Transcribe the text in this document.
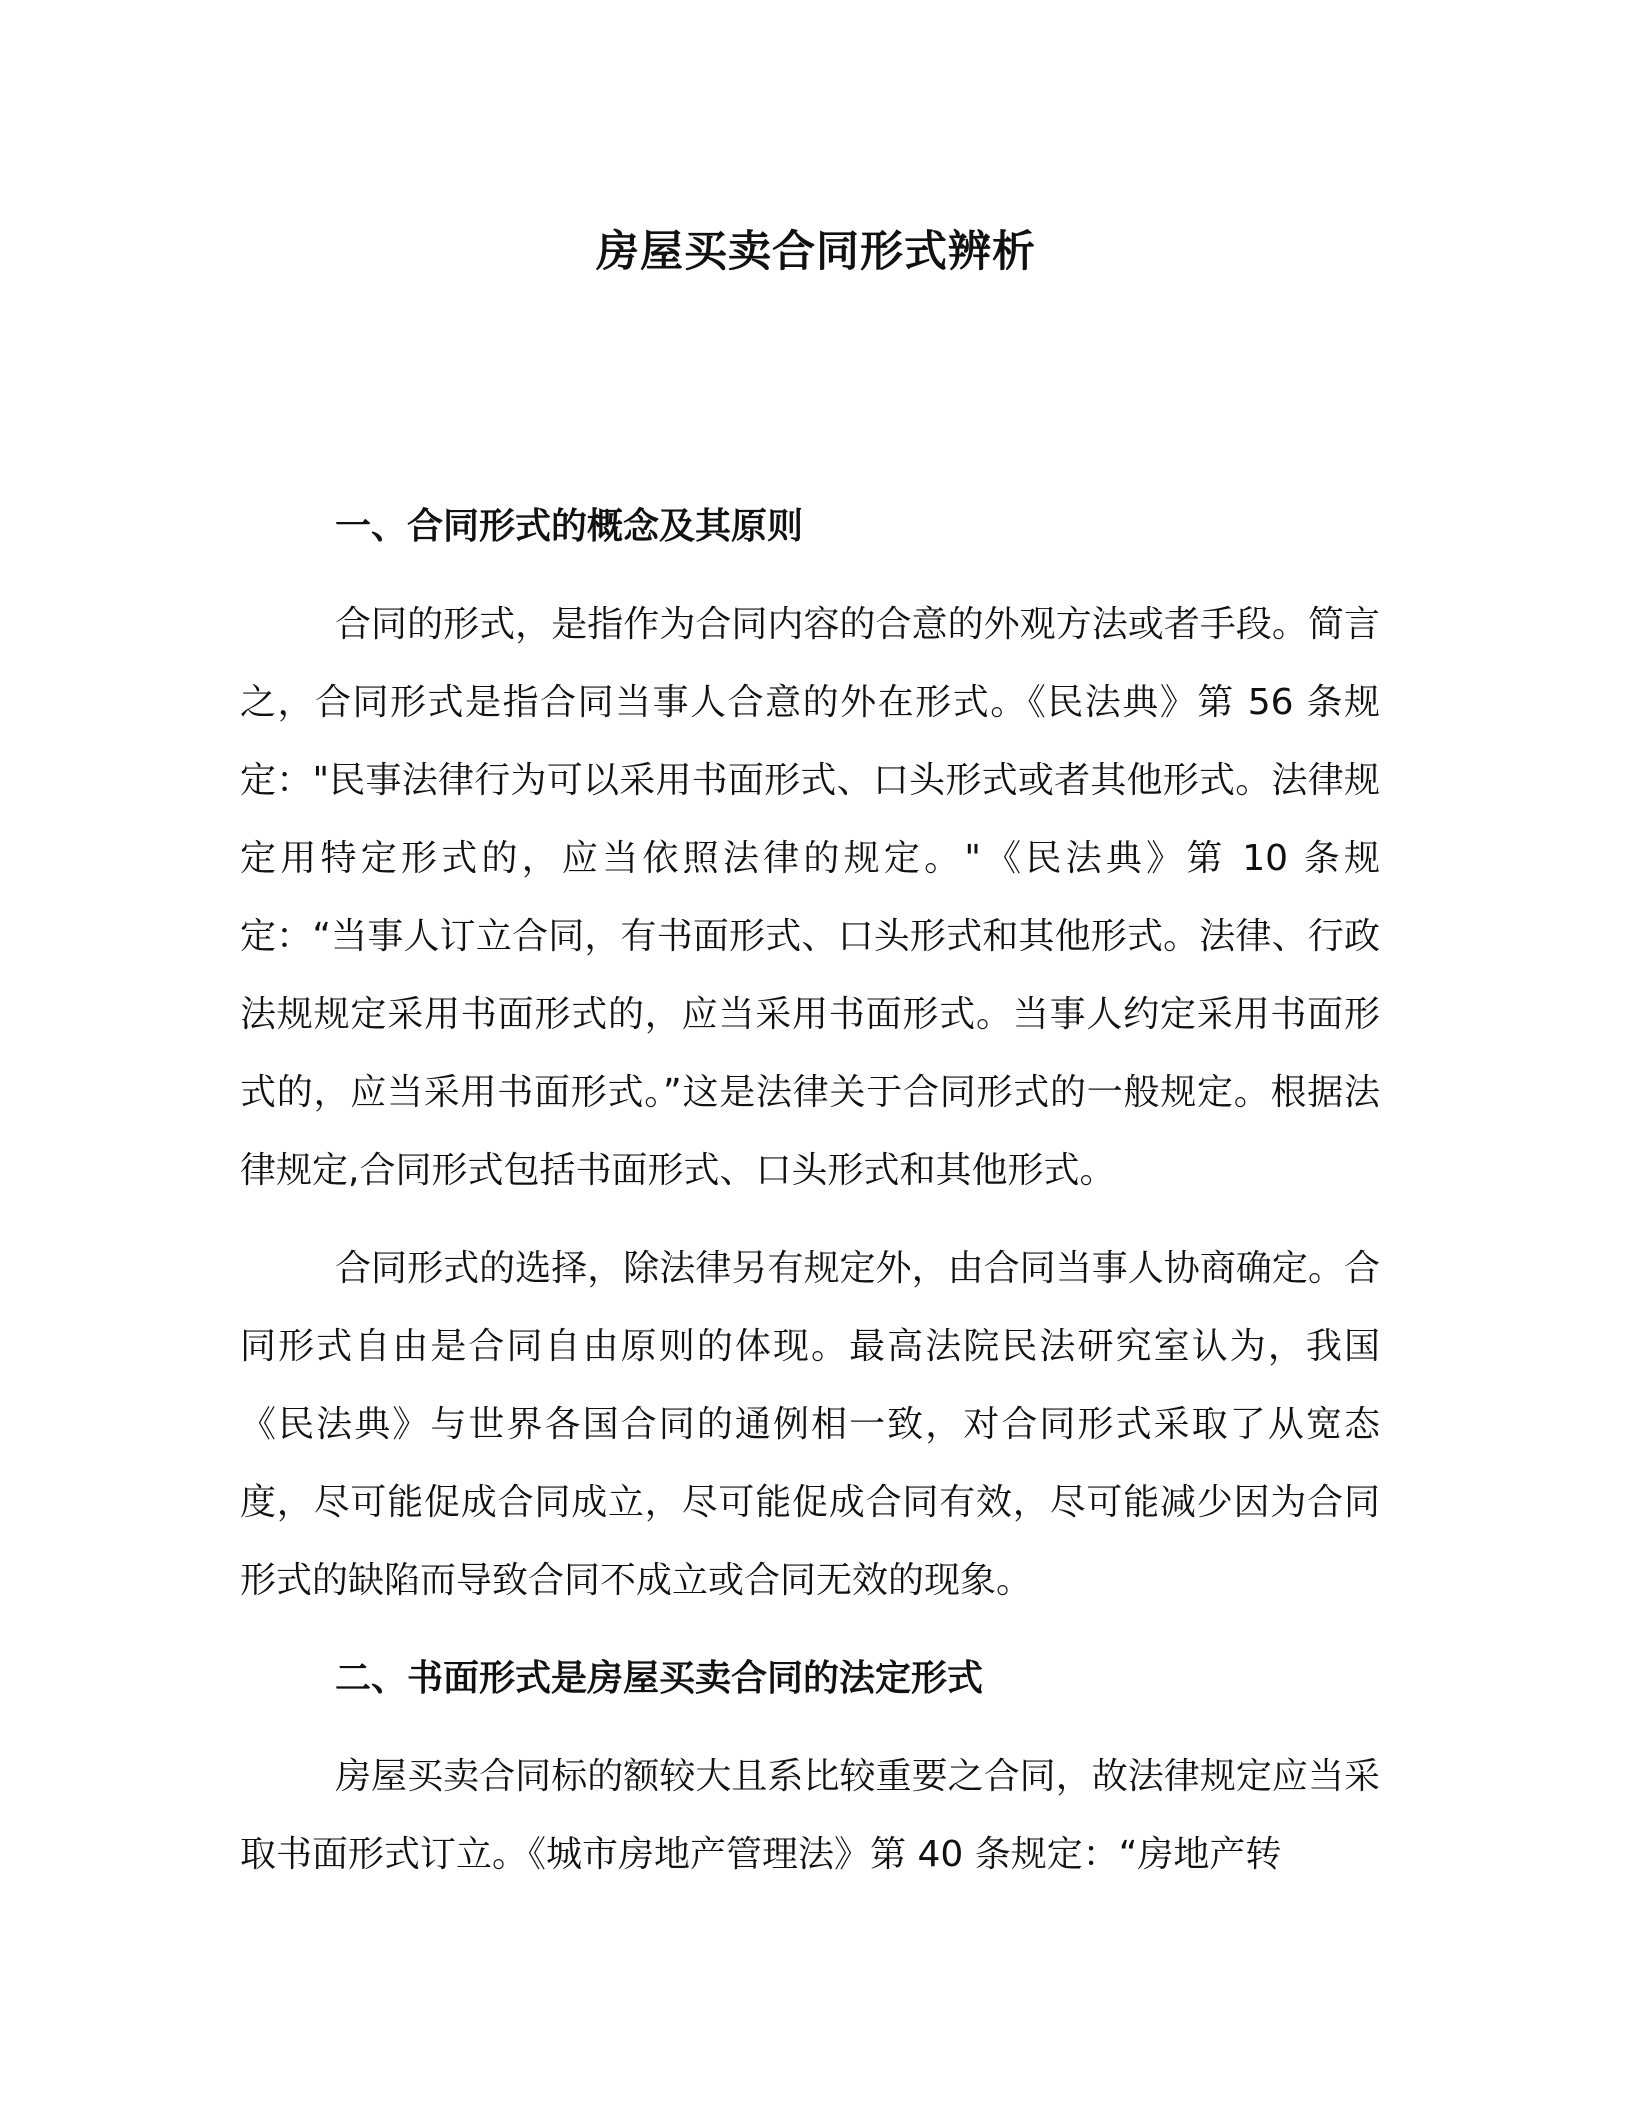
房屋买卖合同形式辨析
一、合同形式的概念及其原则
合同的形式，是指作为合同内容的合意的外观方法或者手段。简言之，合同形式是指合同当事人合意的外在形式。《民法典》第 56 条规定："民事法律行为可以采用书面形式、口头形式或者其他形式。法律规定用特定形式的，应当依照法律的规定。"《民法典》第 10 条规定：“当事人订立合同，有书面形式、口头形式和其他形式。法律、行政法规规定采用书面形式的，应当采用书面形式。当事人约定采用书面形式的，应当采用书面形式。”这是法律关于合同形式的一般规定。根据法律规定,合同形式包括书面形式、口头形式和其他形式。
合同形式的选择，除法律另有规定外，由合同当事人协商确定。合同形式自由是合同自由原则的体现。最高法院民法研究室认为，我国《民法典》与世界各国合同的通例相一致，对合同形式采取了从宽态度，尽可能促成合同成立，尽可能促成合同有效，尽可能减少因为合同形式的缺陷而导致合同不成立或合同无效的现象。
二、书面形式是房屋买卖合同的法定形式
房屋买卖合同标的额较大且系比较重要之合同，故法律规定应当采取书面形式订立。《城市房地产管理法》第 40 条规定：“房地产转
